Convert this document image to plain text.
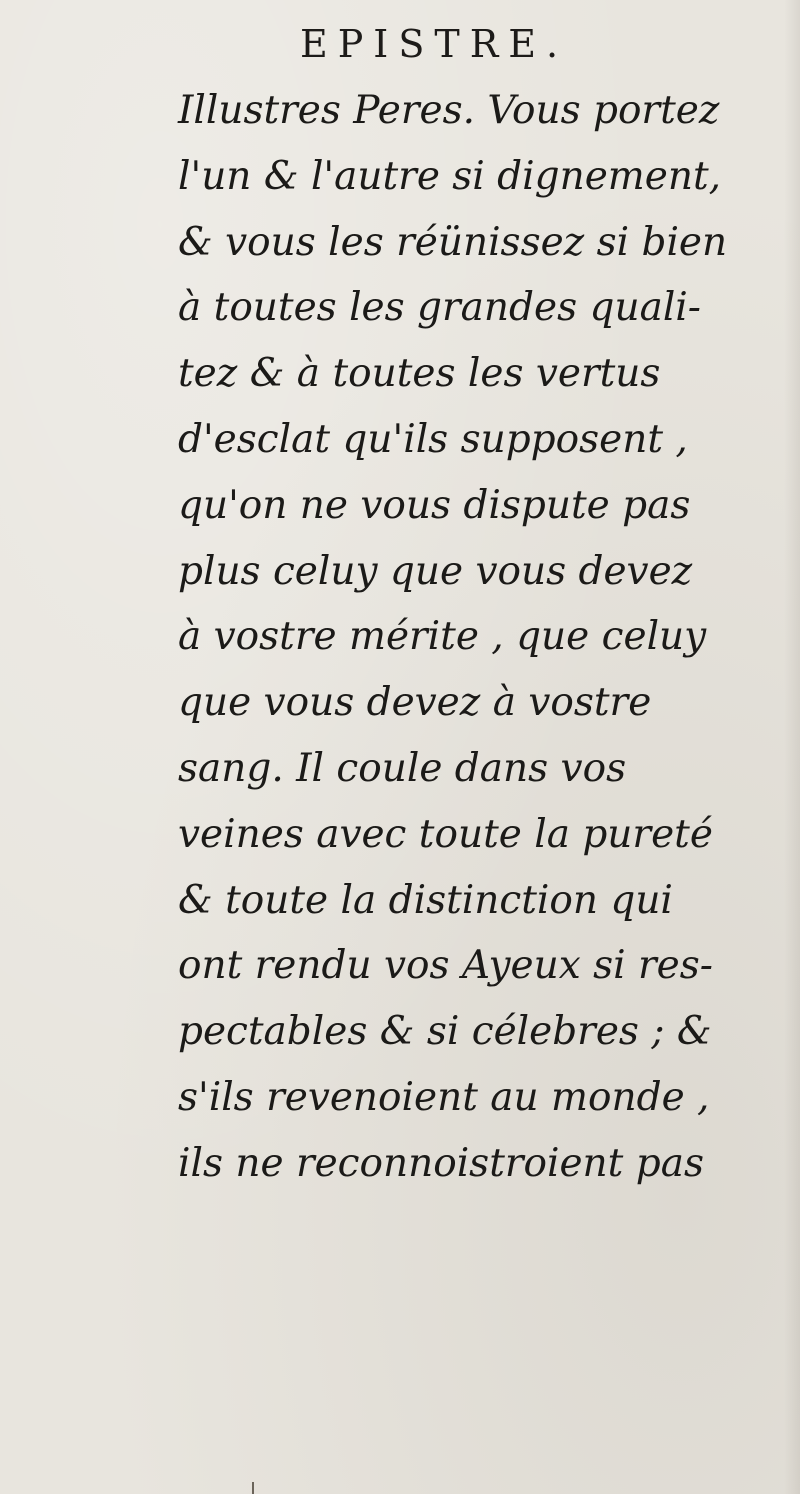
EPISTRE.
Illustres Peres. Vous portez
l'un & l'autre si dignement,
& vous les réünissez si bien
à toutes les grandes quali-
tez & à toutes les vertus
d'esclat qu'ils supposent ,
qu'on ne vous dispute pas
plus celuy que vous devez
à vostre mérite , que celuy
que vous devez à vostre
sang. Il coule dans vos
veines avec toute la pureté
& toute la distinction qui
ont rendu vos Ayeux si res-
pectables & si célebres ; &
s'ils revenoient au monde ,
ils ne reconnoistroient pas
